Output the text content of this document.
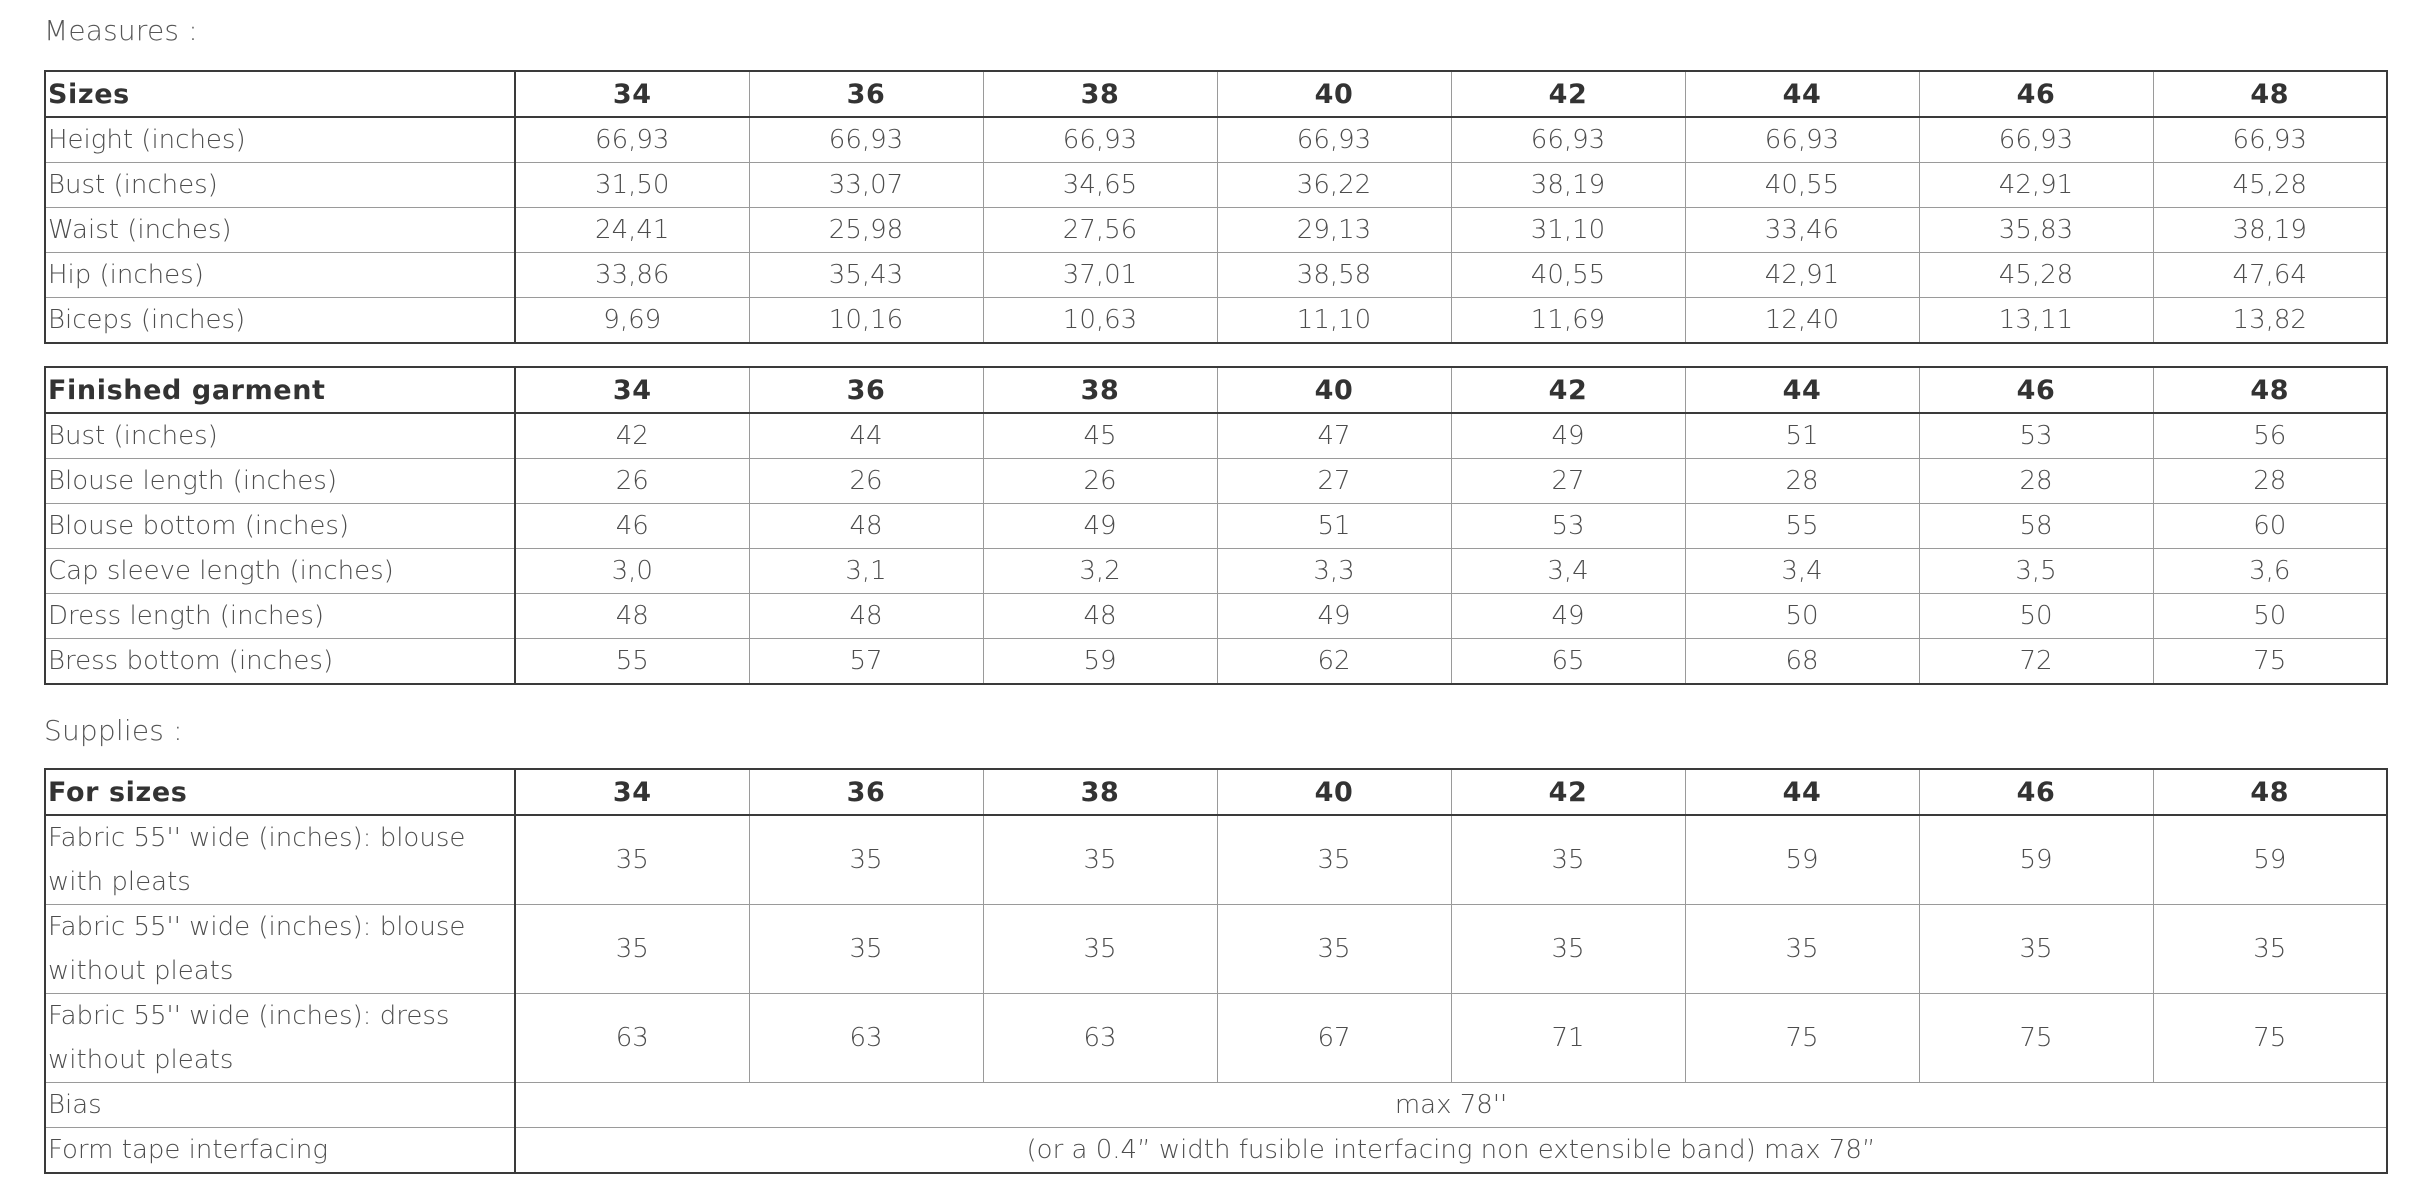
Measures :
Sizes	34	36	38	40	42	44	46	48
Height (inches)	66,93	66,93	66,93	66,93	66,93	66,93	66,93	66,93
Bust (inches)	31,50	33,07	34,65	36,22	38,19	40,55	42,91	45,28
Waist (inches)	24,41	25,98	27,56	29,13	31,10	33,46	35,83	38,19
Hip (inches)	33,86	35,43	37,01	38,58	40,55	42,91	45,28	47,64
Biceps (inches)	9,69	10,16	10,63	11,10	11,69	12,40	13,11	13,82
Finished garment	34	36	38	40	42	44	46	48
Bust (inches)	42	44	45	47	49	51	53	56
Blouse length (inches)	26	26	26	27	27	28	28	28
Blouse bottom (inches)	46	48	49	51	53	55	58	60
Cap sleeve length (inches)	3,0	3,1	3,2	3,3	3,4	3,4	3,5	3,6
Dress length (inches)	48	48	48	49	49	50	50	50
Bress bottom (inches)	55	57	59	62	65	68	72	75
Supplies :
For sizes	34	36	38	40	42	44	46	48
Fabric 55'' wide (inches): blouse with pleats	35	35	35	35	35	59	59	59
Fabric 55'' wide (inches): blouse without pleats	35	35	35	35	35	35	35	35
Fabric 55'' wide (inches): dress without pleats	63	63	63	67	71	75	75	75
Bias	max 78''							
Form tape interfacing	(or a 0.4” width fusible interfacing non extensible band) max 78”							
